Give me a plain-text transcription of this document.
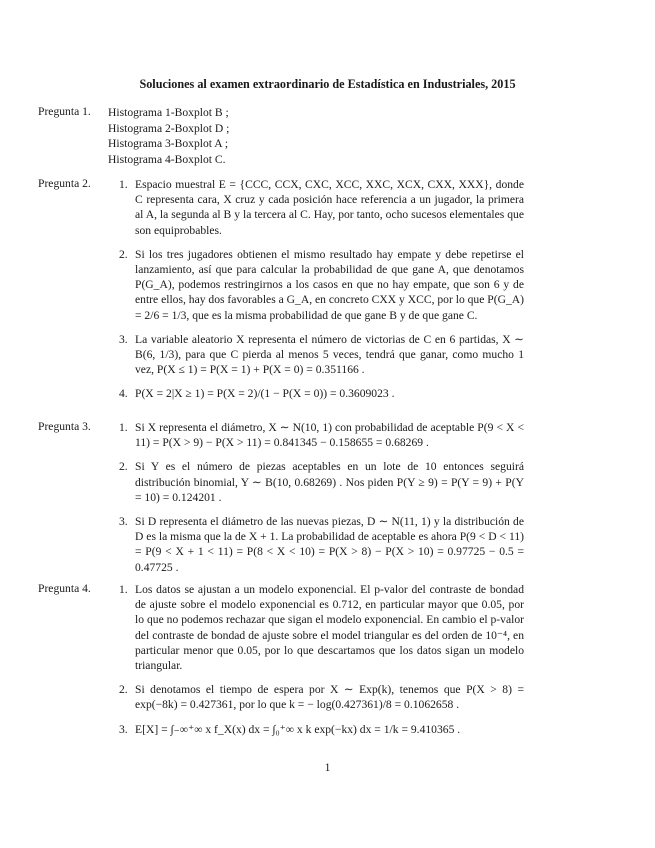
Soluciones al examen extraordinario de Estadística en Industriales, 2015
Pregunta 1. Histograma 1-Boxplot B ;
Histograma 2-Boxplot D ;
Histograma 3-Boxplot A ;
Histograma 4-Boxplot C.
Pregunta 2. 1. Espacio muestral E = {CCC, CCX, CXC, XCC, XXC, XCX, CXX, XXX}, donde C representa cara, X cruz y cada posición hace referencia a un jugador, la primera al A, la segunda al B y la tercera al C. Hay, por tanto, ocho sucesos elementales que son equiprobables.
2. Si los tres jugadores obtienen el mismo resultado hay empate y debe repetirse el lanzamiento, así que para calcular la probabilidad de que gane A, que denotamos P(G_A), podemos restringirnos a los casos en que no hay empate, que son 6 y de entre ellos, hay dos favorables a G_A, en concreto CXX y XCC, por lo que P(G_A) = 2/6 = 1/3, que es la misma probabilidad de que gane B y de que gane C.
3. La variable aleatorio X representa el número de victorias de C en 6 partidas, X ∼ B(6, 1/3), para que C pierda al menos 5 veces, tendrá que ganar, como mucho 1 vez, P(X ≤ 1) = P(X = 1) + P(X = 0) = 0.351166 .
4. P(X = 2|X ≥ 1) = P(X = 2)/(1 − P(X = 0)) = 0.3609023 .
Pregunta 3. 1. Si X representa el diámetro, X ∼ N(10, 1) con probabilidad de aceptable P(9 < X < 11) = P(X > 9) − P(X > 11) = 0.841345 − 0.158655 = 0.68269 .
2. Si Y es el número de piezas aceptables en un lote de 10 entonces seguirá distribución binomial, Y ∼ B(10, 0.68269) . Nos piden P(Y ≥ 9) = P(Y = 9) + P(Y = 10) = 0.124201 .
3. Si D representa el diámetro de las nuevas piezas, D ∼ N(11, 1) y la distribución de D es la misma que la de X + 1. La probabilidad de aceptable es ahora P(9 < D < 11) = P(9 < X + 1 < 11) = P(8 < X < 10) = P(X > 8) − P(X > 10) = 0.97725 − 0.5 = 0.47725 .
Pregunta 4. 1. Los datos se ajustan a un modelo exponencial. El p-valor del contraste de bondad de ajuste sobre el modelo exponencial es 0.712, en particular mayor que 0.05, por lo que no podemos rechazar que sigan el modelo exponencial. En cambio el p-valor del contraste de bondad de ajuste sobre el model triangular es del orden de 10⁻⁴, en particular menor que 0.05, por lo que descartamos que los datos sigan un modelo triangular.
2. Si denotamos el tiempo de espera por X ∼ Exp(k), tenemos que P(X > 8) = exp(−8k) = 0.427361, por lo que k = − log(0.427361)/8 = 0.1062658 .
3. E[X] = ∫₋∞⁺∞ x f_X(x) dx = ∫₀⁺∞ x k exp(−kx) dx = 1/k = 9.410365 .
1
